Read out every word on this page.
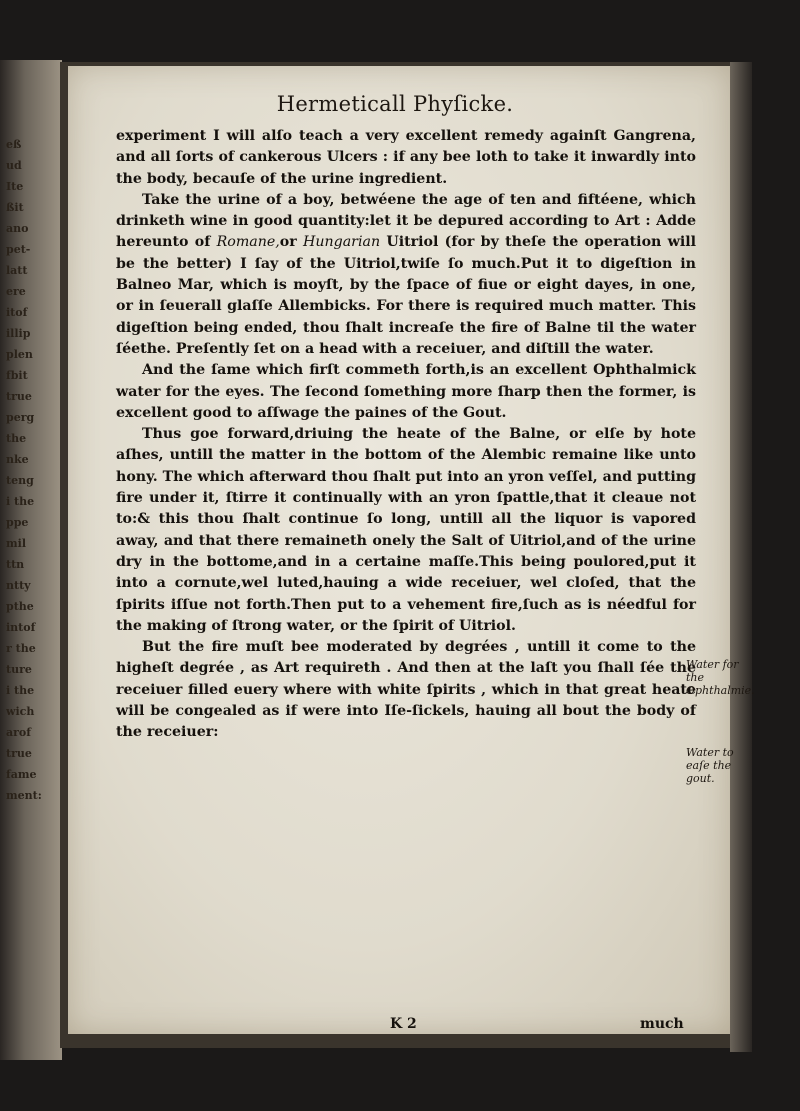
eß
ud
Ite
ßit
ano
pet-
latt
ere
itof
illip
plen
fbit
true
perg
the
nke
teng
i the
ppe
mil
ttn
ntty
pthe
intof
r the
ture
i the
wich
arof
true
fame
ment:
Hermeticall Phyſicke.

experiment I will alſo teach a very excellent remedy againſt Gangrena, and all ſorts of cankerous Ulcers : if any bee loth to take it inwardly into the body, becauſe of the urine ingredient.

Take the urine of a boy, betwéene the age of ten and fiftéene, which drinketh wine in good quantity:let it be depured according to Art : Adde hereunto of Romane,or Hungarian Uitriol (for by theſe the operation will be the better) I ſay of the Uitriol,twiſe ſo much.Put it to digeſtion in Balneo Mar, which is moyſt, by the ſpace of fiue or eight dayes, in one, or in ſeuerall glaſſe Allembicks. For there is required much matter. This digeſtion being ended, thou ſhalt increaſe the fire of Balne til the water ſéethe. Preſently ſet on a head with a receiuer, and diſtill the water.

And the ſame which firſt commeth forth,is an excellent Ophthalmick water for the eyes. The ſecond ſomething more ſharp then the former, is excellent good to aſſwage the paines of the Gout.

Thus goe forward,driuing the heate of the Balne, or elſe by hote aſhes, untill the matter in the bottom of the Alembic remaine like unto hony. The which afterward thou ſhalt put into an yron veſſel, and putting fire under it, ſtirre it continually with an yron ſpattle,that it cleaue not to:& this thou ſhalt continue ſo long, untill all the liquor is vapored away, and that there remaineth onely the Salt of Uitriol,and of the urine dry in the bottome,and in a certaine maſſe.This being poulored,put it into a cornute,wel luted,hauing a wide receiuer, wel cloſed, that the ſpirits iſſue not forth.Then put to a vehement fire,ſuch as is néedful for the making of ſtrong water, or the ſpirit of Uitriol.

But the fire muſt bee moderated by degrées , untill it come to the higheſt degrée , as Art requireth . And then at the laſt you ſhall ſée the receiuer filled euery where with white ſpirits , which in that great heate will be congealed as if were into Iſe-ſickels, hauing all bout the body of the receiuer:

Water for the Ophthalmie.
Water to eaſe the gout.
K 2	much
